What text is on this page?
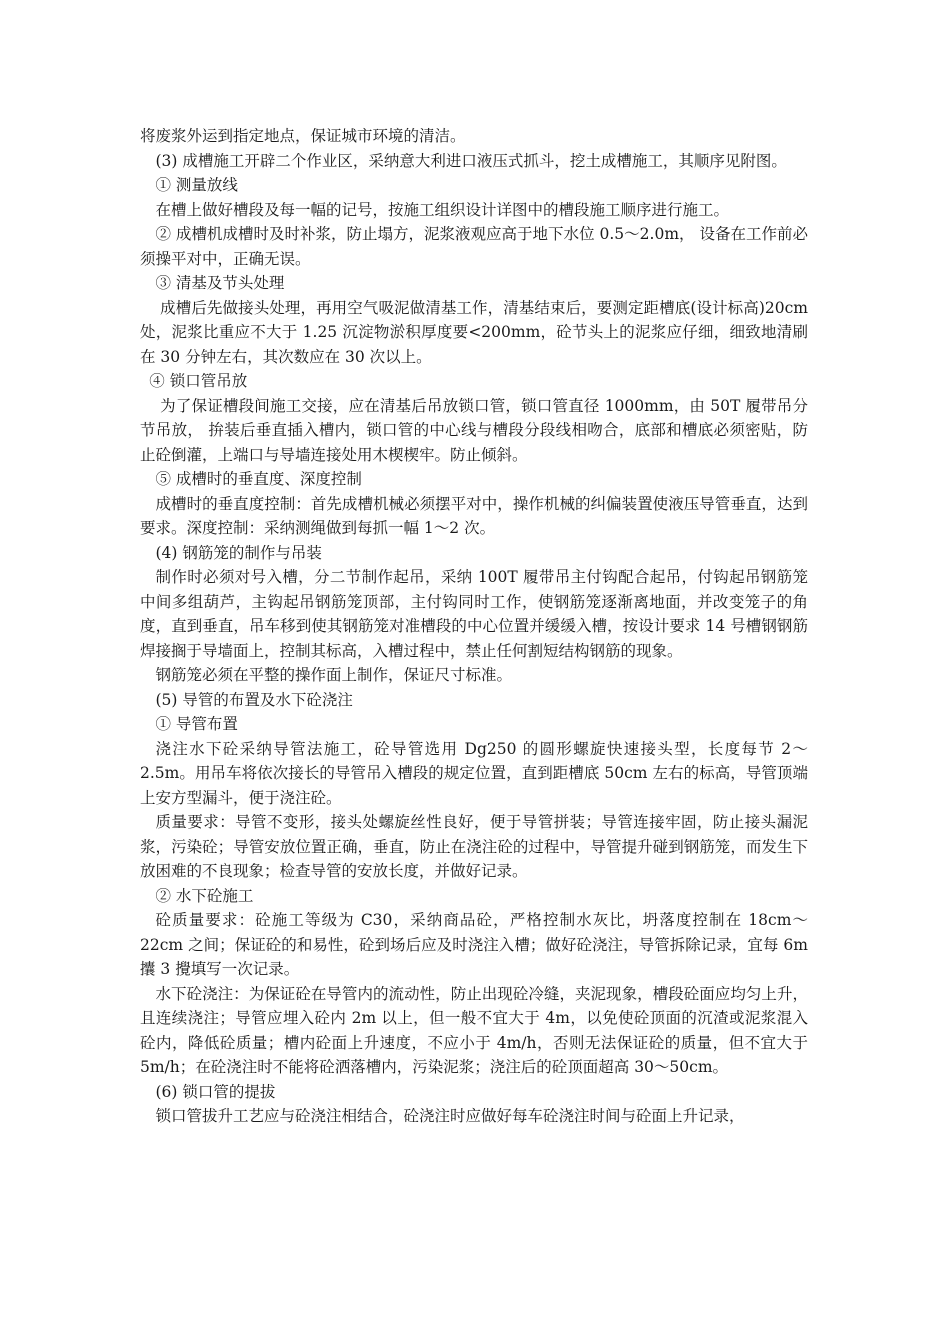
将废浆外运到指定地点，保证城市环境的清洁。

(3) 成槽施工开辟二个作业区，采纳意大利进口液压式抓斗，挖土成槽施工，其顺序见附图。

① 测量放线

在槽上做好槽段及每一幅的记号，按施工组织设计详图中的槽段施工顺序进行施工。

② 成槽机成槽时及时补浆，防止塌方，泥浆液观应高于地下水位 0.5～2.0m， 设备在工作前必须操平对中，正确无误。

③ 清基及节头处理

成槽后先做接头处理，再用空气吸泥做清基工作，清基结束后，要测定距槽底(设计标高)20cm 处，泥浆比重应不大于 1.25 沉淀物淤积厚度要<200mm，砼节头上的泥浆应仔细，细致地清刷在 30 分钟左右，其次数应在 30 次以上。

④ 锁口管吊放

为了保证槽段间施工交接，应在清基后吊放锁口管，锁口管直径 1000mm，由 50T 履带吊分节吊放， 拚装后垂直插入槽内，锁口管的中心线与槽段分段线相吻合，底部和槽底必须密贴，防止砼倒灌，上端口与导墙连接处用木楔楔牢。防止倾斜。

⑤ 成槽时的垂直度、深度控制

成槽时的垂直度控制：首先成槽机械必须摆平对中，操作机械的纠偏装置使液压导管垂直，达到要求。深度控制：采纳测绳做到每抓一幅 1～2 次。

(4) 钢筋笼的制作与吊装

制作时必须对号入槽，分二节制作起吊，采纳 100T 履带吊主付钩配合起吊，付钩起吊钢筋笼中间多组葫芦，主钩起吊钢筋笼顶部，主付钩同时工作，使钢筋笼逐渐离地面，并改变笼子的角度，直到垂直，吊车移到使其钢筋笼对准槽段的中心位置并缓缓入槽，按设计要求 14 号槽钢钢筋焊接搁于导墙面上，控制其标高，入槽过程中，禁止任何割短结构钢筋的现象。

钢筋笼必须在平整的操作面上制作，保证尺寸标准。

(5) 导管的布置及水下砼浇注

① 导管布置

浇注水下砼采纳导管法施工，砼导管选用 Dg250 的圆形螺旋快速接头型，长度每节 2～2.5m。用吊车将依次接长的导管吊入槽段的规定位置，直到距槽底 50cm 左右的标高，导管顶端上安方型漏斗，便于浇注砼。

质量要求：导管不变形，接头处螺旋丝性良好，便于导管拼装；导管连接牢固，防止接头漏泥浆，污染砼；导管安放位置正确，垂直，防止在浇注砼的过程中，导管提升碰到钢筋笼，而发生下放困难的不良现象；检查导管的安放长度，并做好记录。

② 水下砼施工

砼质量要求：砼施工等级为 C30，采纳商品砼，严格控制水灰比，坍落度控制在 18cm～22cm 之间；保证砼的和易性，砼到场后应及时浇注入槽；做好砼浇注，导管拆除记录，宜每 6m 攮 3 攪填写一次记录。

水下砼浇注：为保证砼在导管内的流动性，防止出现砼冷缝，夹泥现象，槽段砼面应均匀上升，且连续浇注；导管应埋入砼内 2m 以上，但一般不宜大于 4m，以免使砼顶面的沉渣或泥浆混入砼内，降低砼质量；槽内砼面上升速度，不应小于 4m/h，否则无法保证砼的质量，但不宜大于 5m/h；在砼浇注时不能将砼洒落槽内，污染泥浆；浇注后的砼顶面超高 30～50cm。

(6) 锁口管的提拔

锁口管拔升工艺应与砼浇注相结合，砼浇注时应做好每车砼浇注时间与砼面上升记录，
